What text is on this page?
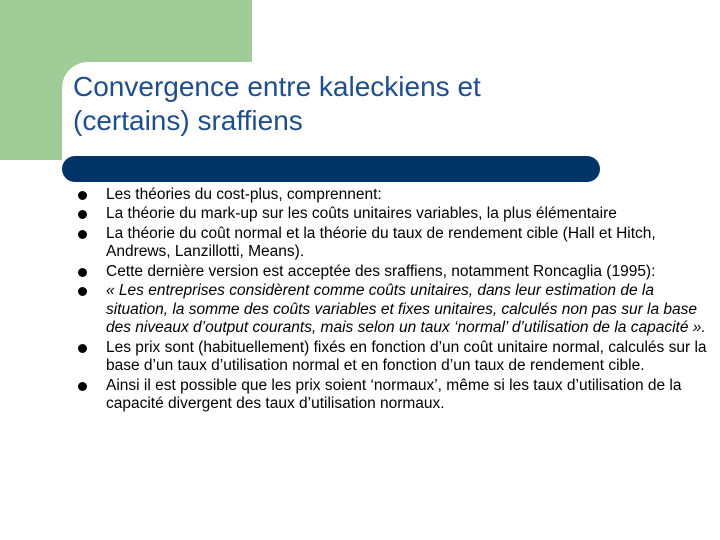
Convergence entre kaleckiens et
(certains) sraffiens
Les théories du cost-plus, comprennent:
La théorie du mark-up sur les coûts unitaires variables, la plus élémentaire
La théorie du coût normal et la théorie du taux de rendement cible (Hall et Hitch, Andrews, Lanzillotti, Means).
Cette dernière version est acceptée des sraffiens, notamment Roncaglia (1995):
« Les entreprises considèrent comme coûts unitaires, dans leur estimation de la situation, la somme des coûts variables et fixes unitaires, calculés non pas sur la base des niveaux d’output courants, mais selon un taux ‘normal’ d’utilisation de la capacité ».
Les prix sont (habituellement) fixés en fonction d’un coût unitaire normal, calculés sur la base d’un taux d’utilisation normal et en fonction d’un taux de rendement cible.
Ainsi il est possible que les prix soient ‘normaux’, même si les taux d’utilisation de la capacité divergent des taux d’utilisation normaux.
